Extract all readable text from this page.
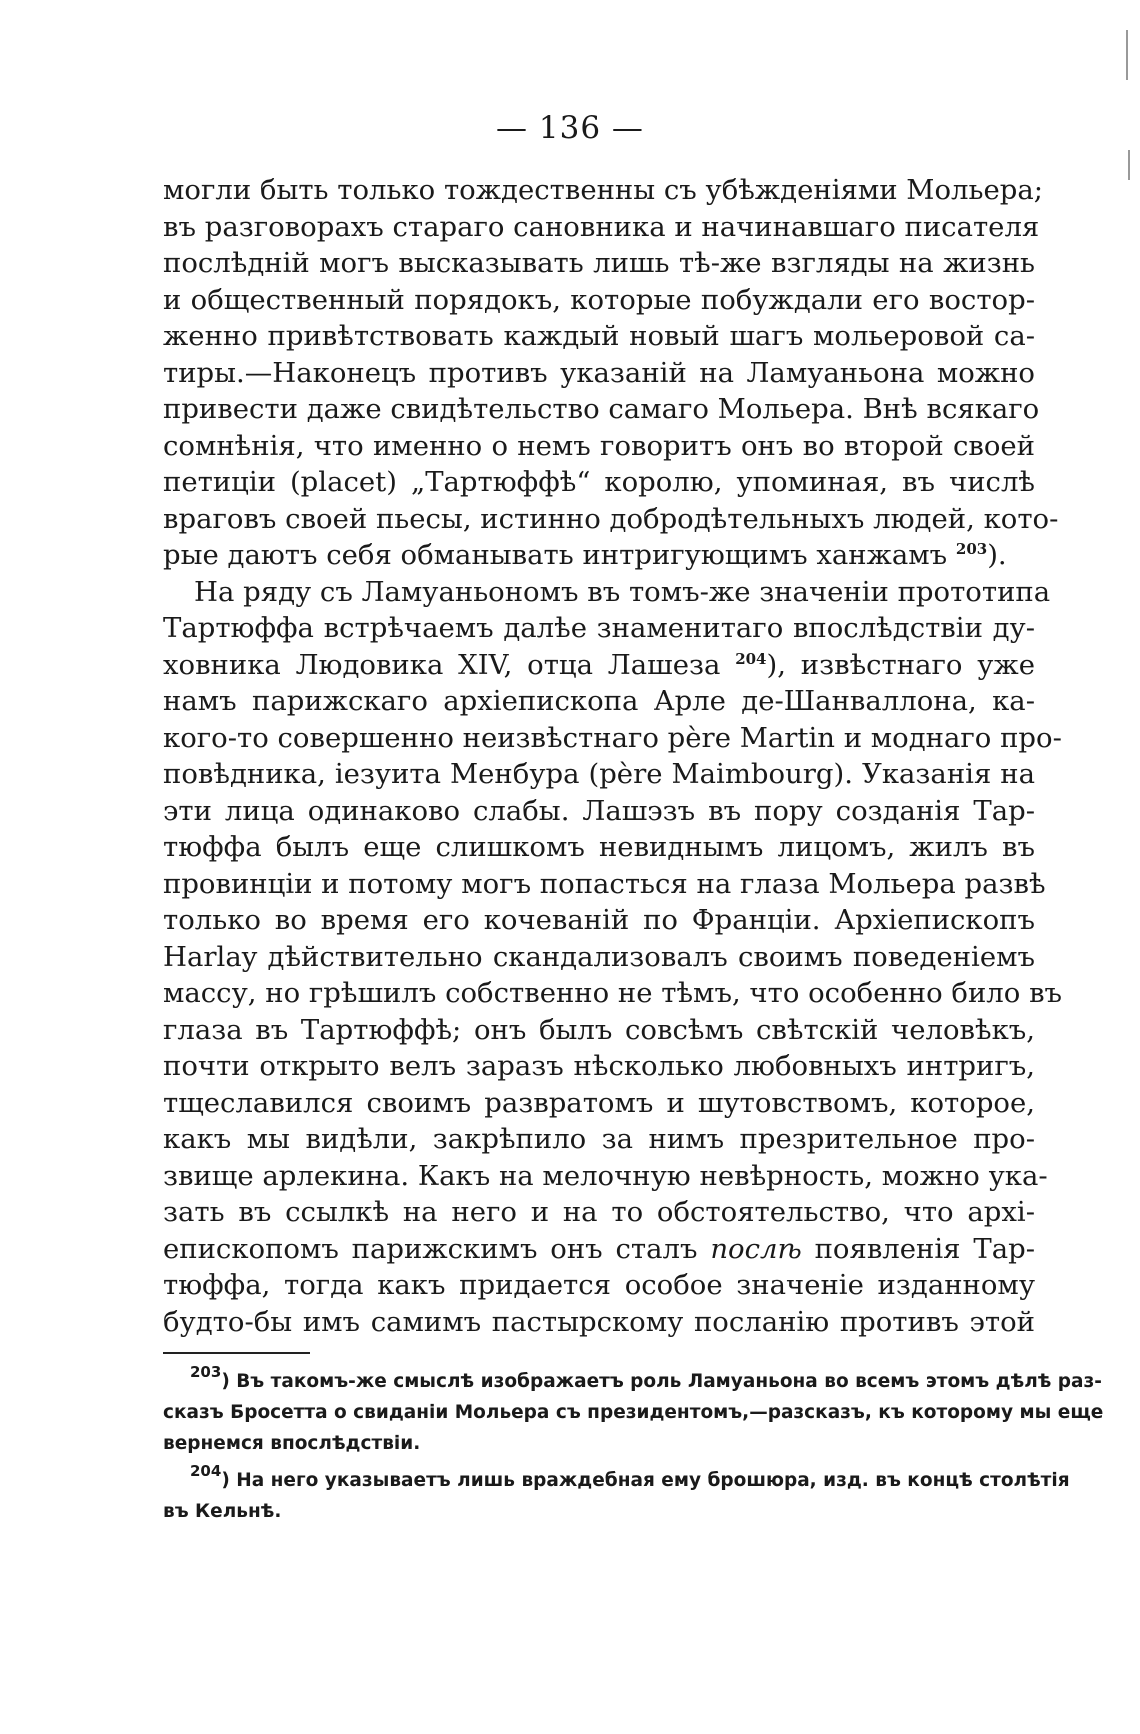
— 136 —
могли быть только тождественны съ убѣжденіями Мольера;
въ разговорахъ стараго сановника и начинавшаго писателя
послѣдній могъ высказывать лишь тѣ-же взгляды на жизнь
и общественный порядокъ, которые побуждали его востор-
женно привѣтствовать каждый новый шагъ мольеровой са-
тиры.—Наконецъ противъ указаній на Ламуаньона можно
привести даже свидѣтельство самаго Мольера. Внѣ всякаго
сомнѣнія, что именно о немъ говоритъ онъ во второй своей
петиціи (placet) „Тартюффѣ“ королю, упоминая, въ числѣ
враговъ своей пьесы, истинно добродѣтельныхъ людей, кото-
рые даютъ себя обманывать интригующимъ ханжамъ $^{203}$).
На ряду съ Ламуаньономъ въ томъ-же значеніи прототипа
Тартюффа встрѣчаемъ далѣе знаменитаго впослѣдствіи ду-
ховника Людовика XIV, отца Лашеза $^{204}$), извѣстнаго уже
намъ парижскаго архіепископа Арле де-Шанваллона, ка-
кого-то совершенно неизвѣстнаго père Martin и моднаго про-
повѣдника, іезуита Менбура (père Maimbourg). Указанія на
эти лица одинаково слабы. Лашэзъ въ пору созданія Тар-
тюффа былъ еще слишкомъ невиднымъ лицомъ, жилъ въ
провинціи и потому могъ попасться на глаза Мольера развѣ
только во время его кочеваній по Франціи. Архіепископъ
Harlay дѣйствительно скандализовалъ своимъ поведеніемъ
массу, но грѣшилъ собственно не тѣмъ, что особенно било въ
глаза въ Тартюффѣ; онъ былъ совсѣмъ свѣтскій человѣкъ,
почти открыто велъ заразъ нѣсколько любовныхъ интригъ,
тщеславился своимъ развратомъ и шутовствомъ, которое,
какъ мы видѣли, закрѣпило за нимъ презрительное про-
звище арлекина. Какъ на мелочную невѣрность, можно ука-
зать въ ссылкѣ на него и на то обстоятельство, что архі-
епископомъ парижскимъ онъ сталъ послѣ появленія Тар-
тюффа, тогда какъ придается особое значеніе изданному
будто-бы имъ самимъ пастырскому посланію противъ этой
$^{203}$) Въ такомъ-же смыслѣ изображаетъ роль Ламуаньона во всемъ этомъ дѣлѣ раз-
сказъ Бросетта о свиданіи Мольера съ президентомъ,—разсказъ, къ которому мы еще
вернемся впослѣдствіи.
$^{204}$) На него указываетъ лишь враждебная ему брошюра, изд. въ концѣ столѣтія
въ Кельнѣ.
